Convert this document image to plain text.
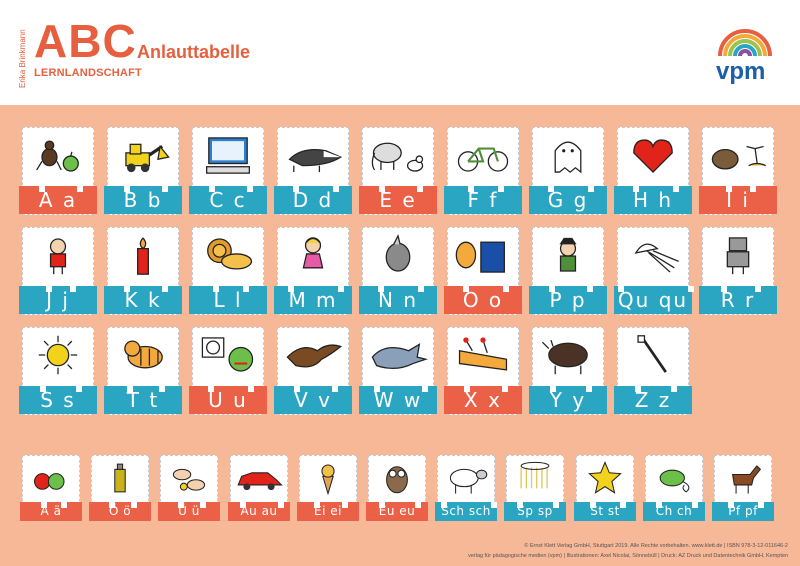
Erika Brinkmann ABC
LERNLANDSCHAFT
Anlauttabelle
vpm
A a	B b	C c	D d	E e	F f	G g	H h	I i
J j	K k	L l	M m	N n	O o	P p	Qu qu	R r
S s	T t	U u	V v	W w	X x	Y y	Z z
Ä ä	Ö ö	Ü ü	Au au	Ei ei	Eu eu	Sch sch	Sp sp	St st	Ch ch	Pf pf
© Ernst Klett Verlag GmbH, Stuttgart 2019. Alle Rechte vorbehalten. www.klett.de | ISBN 978-3-12-011646-2
verlag für pädagogische medien (vpm) | Illustrationen: Axel Nicolai, Sönnebüll | Druck: AZ Druck und Datentechnik GmbH, Kempten
